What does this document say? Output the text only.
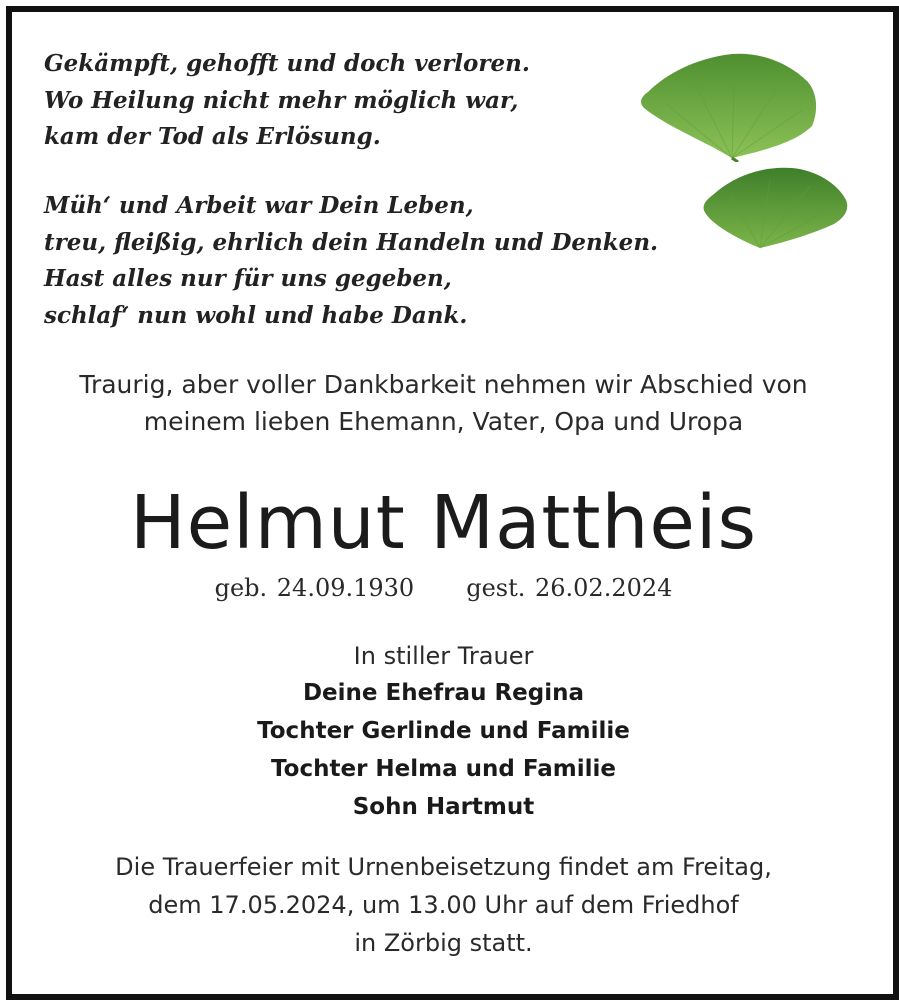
Gekämpft, gehofft und doch verloren.
Wo Heilung nicht mehr möglich war,
kam der Tod als Erlösung.
Müh‘ und Arbeit war Dein Leben,
treu, fleißig, ehrlich dein Handeln und Denken.
Hast alles nur für uns gegeben,
schlaf‘ nun wohl und habe Dank.
Traurig, aber voller Dankbarkeit nehmen wir Abschied von
meinem lieben Ehemann, Vater, Opa und Uropa
Helmut Mattheis
geb. 24.09.1930 gest. 26.02.2024
In stiller Trauer
Deine Ehefrau Regina
Tochter Gerlinde und Familie
Tochter Helma und Familie
Sohn Hartmut
Die Trauerfeier mit Urnenbeisetzung findet am Freitag,
dem 17.05.2024, um 13.00 Uhr auf dem Friedhof
in Zörbig statt.
